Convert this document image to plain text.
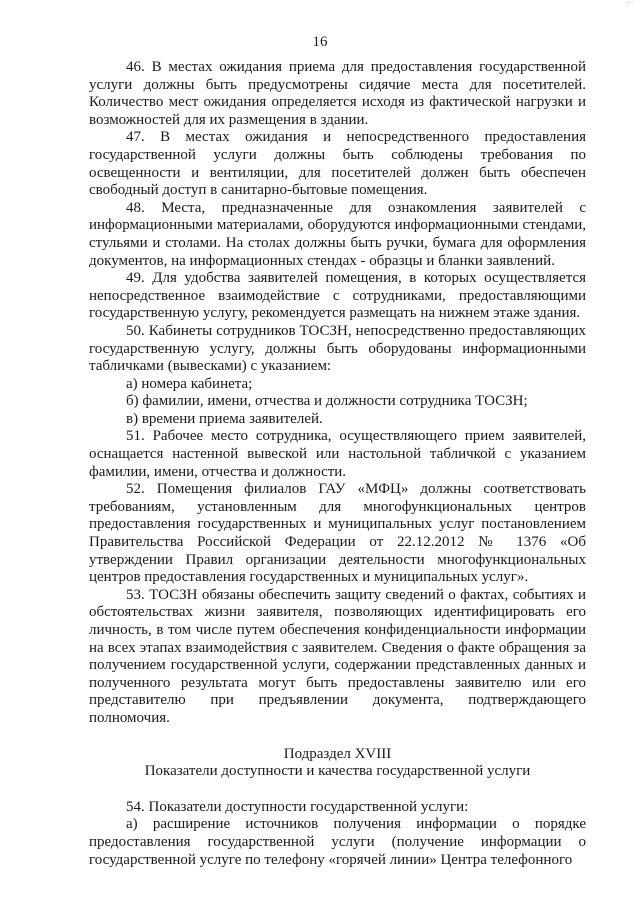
'''
16

46. В местах ожидания приема для предоставления государственной услуги должны быть предусмотрены сидячие места для посетителей. Количество мест ожидания определяется исходя из фактической нагрузки и возможностей для их размещения в здании.

47. В местах ожидания и непосредственного предоставления государственной услуги должны быть соблюдены требования по освещенности и вентиляции, для посетителей должен быть обеспечен свободный доступ в санитарно-бытовые помещения.

48. Места, предназначенные для ознакомления заявителей с информационными материалами, оборудуются информационными стендами, стульями и столами. На столах должны быть ручки, бумага для оформления документов, на информационных стендах - образцы и бланки заявлений.

49. Для удобства заявителей помещения, в которых осуществляется непосредственное взаимодействие с сотрудниками, предоставляющими государственную услугу, рекомендуется размещать на нижнем этаже здания.

50. Кабинеты сотрудников ТОСЗН, непосредственно предоставляющих государственную услугу, должны быть оборудованы информационными табличками (вывесками) с указанием:

а) номера кабинета;

б) фамилии, имени, отчества и должности сотрудника ТОСЗН;

в) времени приема заявителей.

51. Рабочее место сотрудника, осуществляющего прием заявителей, оснащается настенной вывеской или настольной табличкой с указанием фамилии, имени, отчества и должности.

52. Помещения филиалов ГАУ «МФЦ» должны соответствовать требованиям, установленным для многофункциональных центров предоставления государственных и муниципальных услуг постановлением Правительства Российской Федерации от 22.12.2012 № 1376 «Об утверждении Правил организации деятельности многофункциональных центров предоставления государственных и муниципальных услуг».

53. ТОСЗН обязаны обеспечить защиту сведений о фактах, событиях и обстоятельствах жизни заявителя, позволяющих идентифицировать его личность, в том числе путем обеспечения конфиденциальности информации на всех этапах взаимодействия с заявителем. Сведения о факте обращения за получением государственной услуги, содержании представленных данных и полученного результата могут быть предоставлены заявителю или его представителю при предъявлении документа, подтверждающего полномочия.

Подраздел XVIII

Показатели доступности и качества государственной услуги

54. Показатели доступности государственной услуги:

а) расширение источников получения информации о порядке предоставления государственной услуги (получение информации о государственной услуге по телефону «горячей линии» Центра телефонного
